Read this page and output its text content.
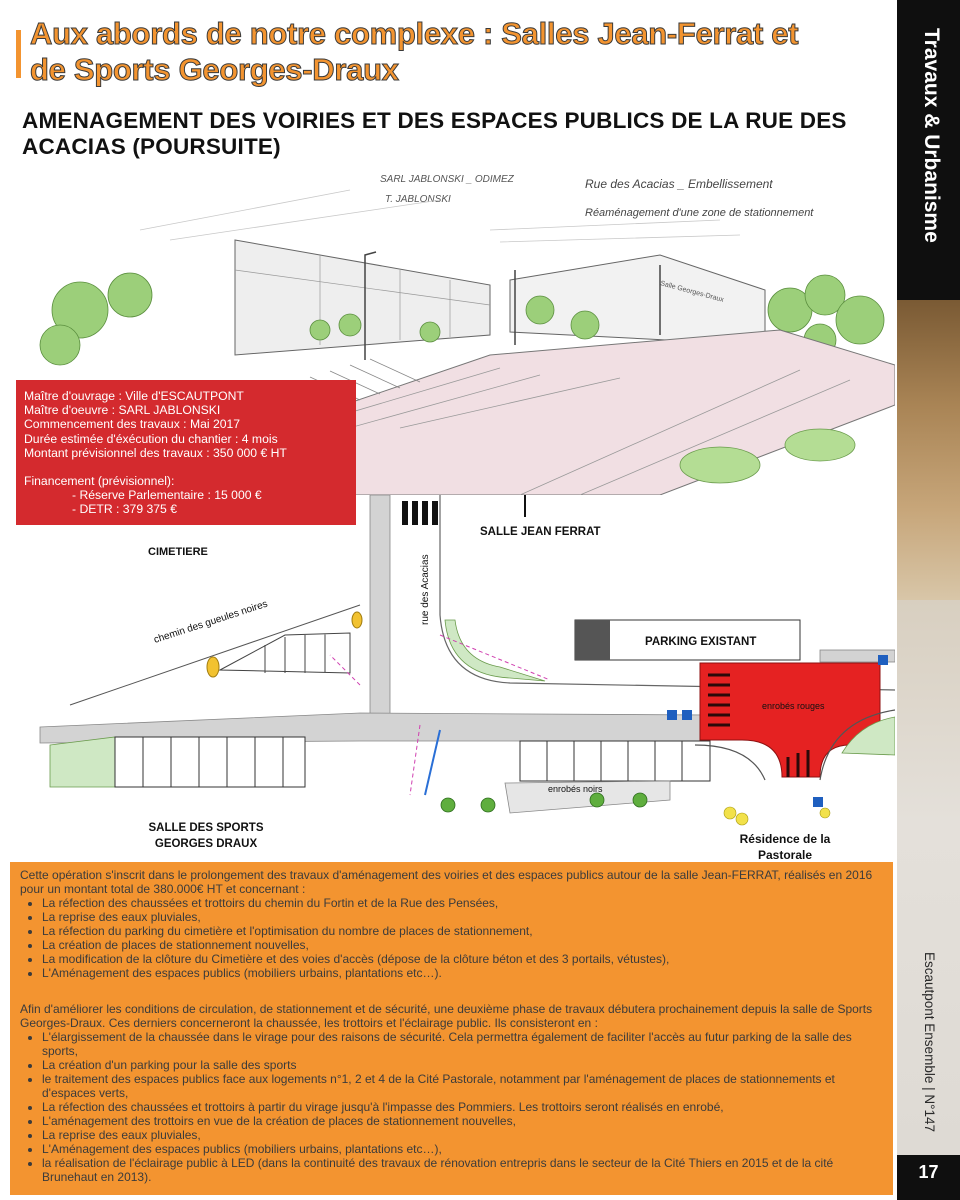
Aux abords de notre complexe : Salles Jean-Ferrat et
de Sports Georges-Draux
AMENAGEMENT DES VOIRIES ET DES ESPACES PUBLICS DE LA RUE DES ACACIAS (POURSUITE)
SARL JABLONSKI _ ODIMEZ
T. JABLONSKI
Rue des Acacias _ Embellissement
Réaménagement d'une zone de stationnement
Salle Georges-Draux

Maître d'ouvrage : Ville d'ESCAUTPONT

Maître d'oeuvre : SARL JABLONSKI

Commencement des travaux : Mai 2017

Durée estimée d'éxécution du chantier : 4 mois

Montant prévisionnel des travaux : 350 000 € HT

Financement (prévisionnel):

- Réserve Parlementaire : 15 000 €

- DETR : 379 375 €

CIMETIERE
SALLE JEAN FERRAT
rue des Acacias
chemin des gueules noires	PARKING EXISTANT
enrobés rouges
enrobés noirs
SALLE DES SPORTS
GEORGES DRAUX	Résidence de la
Pastorale

Cette opération s'inscrit dans le prolongement des travaux d'aménagement des voiries et des espaces publics autour de la salle Jean-FERRAT, réalisés en 2016 pour un montant total de 380.000€ HT et concernant :

• La réfection des chaussées et trottoirs du chemin du Fortin et de la Rue des Pensées,
• La reprise des eaux pluviales,
• La réfection du parking du cimetière et l'optimisation du nombre de places de stationnement,
• La création de places de stationnement nouvelles,
• La modification de la clôture du Cimetière et des voies d'accès (dépose de la clôture béton et des 3 portails, vétustes),
• L'Aménagement des espaces publics (mobiliers urbains, plantations etc…).

Afin d'améliorer les conditions de circulation, de stationnement et de sécurité, une deuxième phase de travaux débutera prochainement depuis la salle de Sports Georges-Draux. Ces derniers concerneront la chaussée, les trottoirs et l'éclairage public. Ils consisteront en :

• L'élargissement de la chaussée dans le virage pour des raisons de sécurité. Cela permettra également de faciliter l'accès au futur parking de la salle des sports,
• La création d'un parking pour la salle des sports
• le traitement des espaces publics face aux logements n°1, 2 et 4 de la Cité Pastorale, notamment par l'aménagement de places de stationnements et d'espaces verts,
• La réfection des chaussées et trottoirs à partir du virage jusqu'à l'impasse des Pommiers. Les trottoirs seront réalisés en enrobé,
• L'aménagement des trottoirs en vue de la création de places de stationnement nouvelles,
• La reprise des eaux pluviales,
• L'Aménagement des espaces publics (mobiliers urbains, plantations etc…),
• la réalisation de l'éclairage public à LED (dans la continuité des travaux de rénovation entrepris dans le secteur de la Cité Thiers en 2015 et de la cité Brunehaut en 2013).
Travaux & Urbanisme
Escautpont Ensemble | N°147
17
